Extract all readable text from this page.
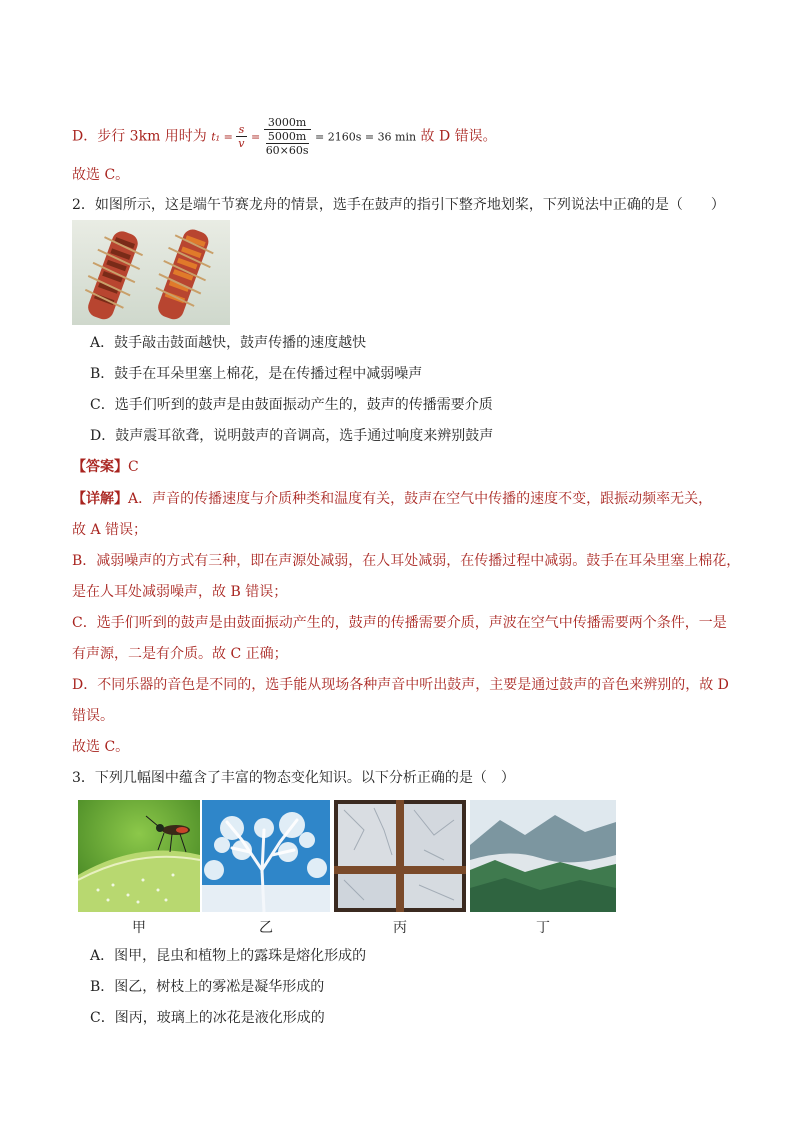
D．步行 3km 用时为 $t_1 = \frac{s}{v} = 3000m$
5000m
60×60s = 2160s = 36 min 故 D 错误。
故选 C。
2．如图所示，这是端午节赛龙舟的情景，选手在鼓声的指引下整齐地划桨，下列说法中正确的是（　　）
A．鼓手敲击鼓面越快，鼓声传播的速度越快
B．鼓手在耳朵里塞上棉花，是在传播过程中减弱噪声
C．选手们听到的鼓声是由鼓面振动产生的，鼓声的传播需要介质
D．鼓声震耳欲聋，说明鼓声的音调高，选手通过响度来辨别鼓声
【答案】C
【详解】A．声音的传播速度与介质种类和温度有关，鼓声在空气中传播的速度不变，跟振动频率无关，
故 A 错误；
B．减弱噪声的方式有三种，即在声源处减弱，在人耳处减弱，在传播过程中减弱。鼓手在耳朵里塞上棉花，
是在人耳处减弱噪声，故 B 错误；
C．选手们听到的鼓声是由鼓面振动产生的，鼓声的传播需要介质，声波在空气中传播需要两个条件，一是
有声源，二是有介质。故 C 正确；
D．不同乐器的音色是不同的，选手能从现场各种声音中听出鼓声，主要是通过鼓声的音色来辨别的，故 D
错误。
故选 C。
3．下列几幅图中蕴含了丰富的物态变化知识。以下分析正确的是（　）
甲	乙	丙	丁
A．图甲，昆虫和植物上的露珠是熔化形成的
B．图乙，树枝上的雾凇是凝华形成的
C．图丙，玻璃上的冰花是液化形成的
